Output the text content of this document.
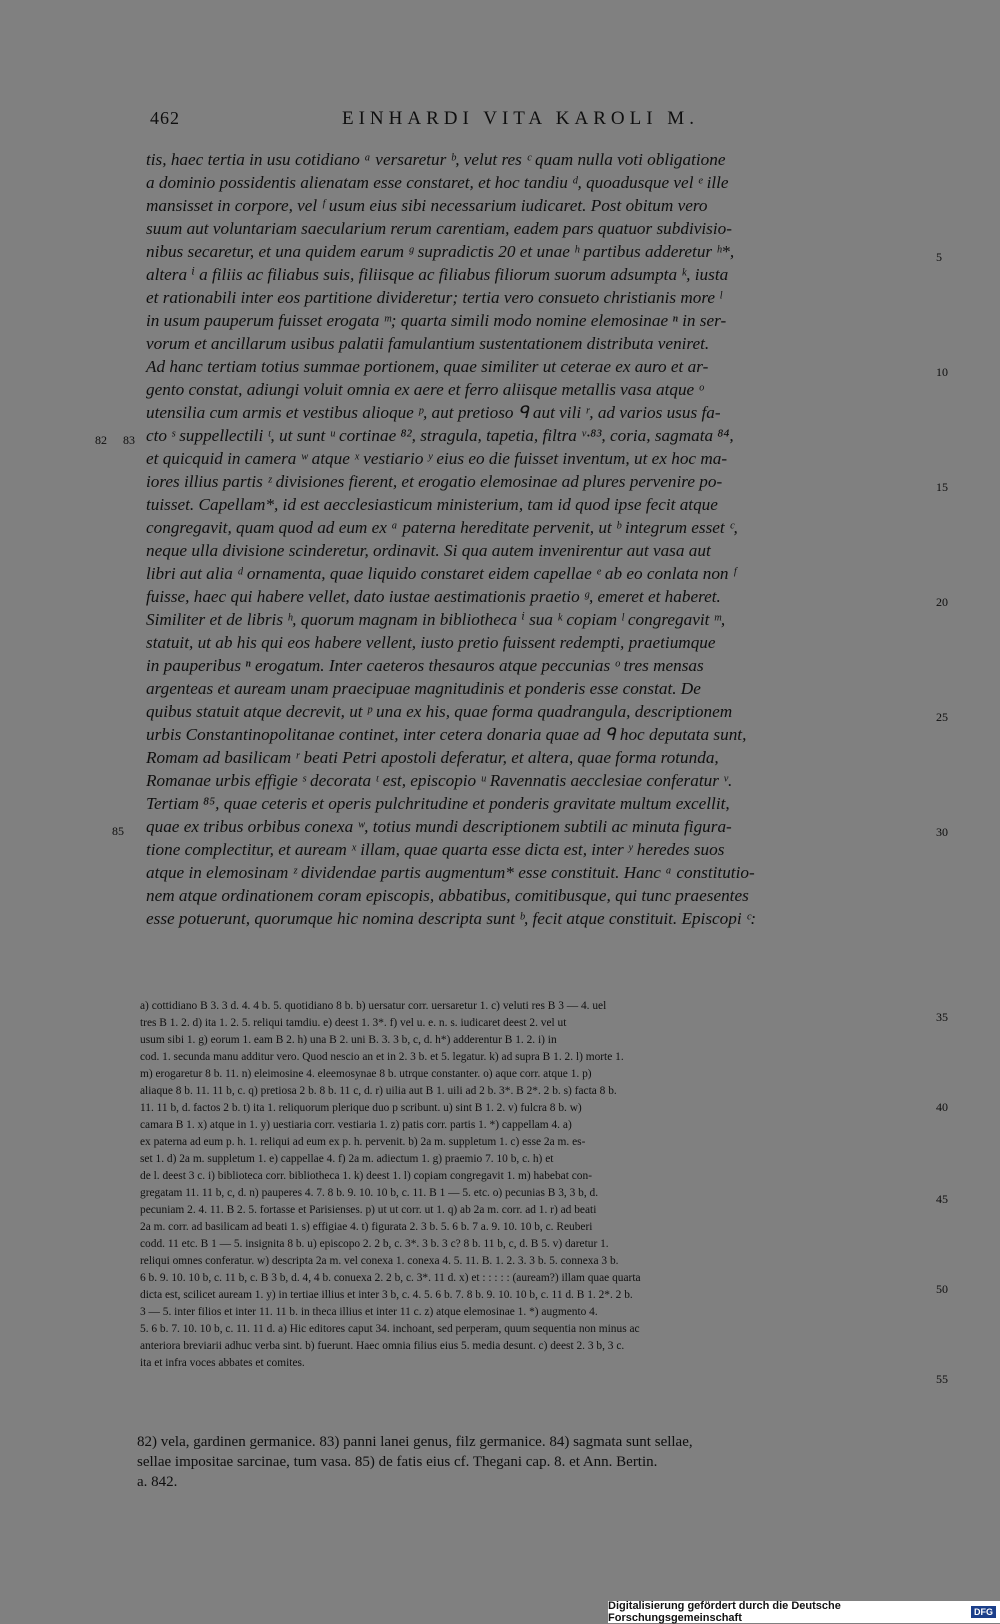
462	EINHARDI VITA KAROLI M.
tis, haec tertia in usu cotidiano ᵃ versaretur ᵇ, velut res ᶜ quam nulla voti obligatione
a dominio possidentis alienatam esse constaret, et hoc tandiu ᵈ, quoadusque vel ᵉ ille
mansisset in corpore, vel ᶠ usum eius sibi necessarium iudicaret. Post obitum vero
suum aut voluntariam saecularium rerum carentiam, eadem pars quatuor subdivisio-
nibus secaretur, et una quidem earum ᵍ supradictis 20 et unae ʰ partibus adderetur ʰ*,
altera ⁱ a filiis ac filiabus suis, filiisque ac filiabus filiorum suorum adsumpta ᵏ, iusta
et rationabili inter eos partitione divideretur; tertia vero consueto christianis more ˡ
in usum pauperum fuisset erogata ᵐ; quarta simili modo nomine elemosinae ⁿ in ser-
vorum et ancillarum usibus palatii famulantium sustentationem distributa veniret.
Ad hanc tertiam totius summae portionem, quae similiter ut ceterae ex auro et ar-
gento constat, adiungi voluit omnia ex aere et ferro aliisque metallis vasa atque ᵒ
utensilia cum armis et vestibus alioque ᵖ, aut pretioso ᑫ aut vili ʳ, ad varios usus fa-
cto ˢ suppellectili ᵗ, ut sunt ᵘ cortinae ⁸², stragula, tapetia, filtra ᵛ·⁸³, coria, sagmata ⁸⁴,
et quicquid in camera ʷ atque ˣ vestiario ʸ eius eo die fuisset inventum, ut ex hoc ma-
iores illius partis ᶻ divisiones fierent, et erogatio elemosinae ad plures pervenire po-
tuisset. Capellam*, id est aecclesiasticum ministerium, tam id quod ipse fecit atque
congregavit, quam quod ad eum ex ᵃ paterna hereditate pervenit, ut ᵇ integrum esset ᶜ,
neque ulla divisione scinderetur, ordinavit. Si qua autem invenirentur aut vasa aut
libri aut alia ᵈ ornamenta, quae liquido constaret eidem capellae ᵉ ab eo conlata non ᶠ
fuisse, haec qui habere vellet, dato iustae aestimationis praetio ᵍ, emeret et haberet.
Similiter et de libris ʰ, quorum magnam in bibliotheca ⁱ sua ᵏ copiam ˡ congregavit ᵐ,
statuit, ut ab his qui eos habere vellent, iusto pretio fuissent redempti, praetiumque
in pauperibus ⁿ erogatum. Inter caeteros thesauros atque peccunias ᵒ tres mensas
argenteas et auream unam praecipuae magnitudinis et ponderis esse constat. De
quibus statuit atque decrevit, ut ᵖ una ex his, quae forma quadrangula, descriptionem
urbis Constantinopolitanae continet, inter cetera donaria quae ad ᑫ hoc deputata sunt,
Romam ad basilicam ʳ beati Petri apostoli deferatur, et altera, quae forma rotunda,
Romanae urbis effigie ˢ decorata ᵗ est, episcopio ᵘ Ravennatis aecclesiae conferatur ᵛ.
Tertiam ⁸⁵, quae ceteris et operis pulchritudine et ponderis gravitate multum excellit,
quae ex tribus orbibus conexa ʷ, totius mundi descriptionem subtili ac minuta figura-
tione complectitur, et auream ˣ illam, quae quarta esse dicta est, inter ʸ heredes suos
atque in elemosinam ᶻ dividendae partis augmentum* esse constituit. Hanc ᵃ constitutio-
nem atque ordinationem coram episcopis, abbatibus, comitibusque, qui tunc praesentes
esse potuerunt, quorumque hic nomina descripta sunt ᵇ, fecit atque constituit. Episcopi ᶜ:
5
10
15
20
25
30
82 83
85
a) cottidiano B 3. 3 d. 4. 4 b. 5. quotidiano 8 b. b) uersatur corr. uersaretur 1. c) veluti res B 3 — 4. uel
tres B 1. 2. d) ita 1. 2. 5. reliqui tamdiu. e) deest 1. 3*. f) vel u. e. n. s. iudicaret deest 2. vel ut
usum sibi 1. g) eorum 1. eam B 2. h) una B 2. uni B. 3. 3 b, c, d. h*) adderentur B 1. 2. i) in
cod. 1. secunda manu additur vero. Quod nescio an et in 2. 3 b. et 5. legatur. k) ad supra B 1. 2. l) morte 1.
m) erogaretur 8 b. 11. n) eleimosine 4. eleemosynae 8 b. utrque constanter. o) aque corr. atque 1. p)
aliaque 8 b. 11. 11 b, c. q) pretiosa 2 b. 8 b. 11 c, d. r) uilia aut B 1. uili ad 2 b. 3*. B 2*. 2 b. s) facta 8 b.
11. 11 b, d. factos 2 b. t) ita 1. reliquorum plerique duo p scribunt. u) sint B 1. 2. v) fulcra 8 b. w)
camara B 1. x) atque in 1. y) uestiaria corr. vestiaria 1. z) patis corr. partis 1. *) cappellam 4. a)
ex paterna ad eum p. h. 1. reliqui ad eum ex p. h. pervenit. b) 2a m. suppletum 1. c) esse 2a m. es-
set 1. d) 2a m. suppletum 1. e) cappellae 4. f) 2a m. adiectum 1. g) praemio 7. 10 b, c. h) et
de l. deest 3 c. i) biblioteca corr. bibliotheca 1. k) deest 1. l) copiam congregavit 1. m) habebat con-
gregatam 11. 11 b, c, d. n) pauperes 4. 7. 8 b. 9. 10. 10 b, c. 11. B 1 — 5. etc. o) pecunias B 3, 3 b, d.
pecuniam 2. 4. 11. B 2. 5. fortasse et Parisienses. p) ut ut corr. ut 1. q) ab 2a m. corr. ad 1. r) ad beati
2a m. corr. ad basilicam ad beati 1. s) effigiae 4. t) figurata 2. 3 b. 5. 6 b. 7 a. 9. 10. 10 b, c. Reuberi
codd. 11 etc. B 1 — 5. insignita 8 b. u) episcopo 2. 2 b, c. 3*. 3 b. 3 c? 8 b. 11 b, c, d. B 5. v) daretur 1.
reliqui omnes conferatur. w) descripta 2a m. vel conexa 1. conexa 4. 5. 11. B. 1. 2. 3. 3 b. 5. connexa 3 b.
6 b. 9. 10. 10 b, c. 11 b, c. B 3 b, d. 4, 4 b. conuexa 2. 2 b, c. 3*. 11 d. x) et : : : : : (auream?) illam quae quarta
dicta est, scilicet auream 1. y) in tertiae illius et inter 3 b, c. 4. 5. 6 b. 7. 8 b. 9. 10. 10 b, c. 11 d. B 1. 2*. 2 b.
3 — 5. inter filios et inter 11. 11 b. in theca illius et inter 11 c. z) atque elemosinae 1. *) augmento 4.
5. 6 b. 7. 10. 10 b, c. 11. 11 d. a) Hic editores caput 34. inchoant, sed perperam, quum sequentia non minus ac
anteriora breviarii adhuc verba sint. b) fuerunt. Haec omnia filius eius 5. media desunt. c) deest 2. 3 b, 3 c.
ita et infra voces abbates et comites.
35
40
45
50
55
82) vela, gardinen germanice. 83) panni lanei genus, filz germanice. 84) sagmata sunt sellae,
sellae impositae sarcinae, tum vasa. 85) de fatis eius cf. Thegani cap. 8. et Ann. Bertin.
a. 842.
Digitalisierung gefördert durch die Deutsche Forschungsgemeinschaft	DFG
